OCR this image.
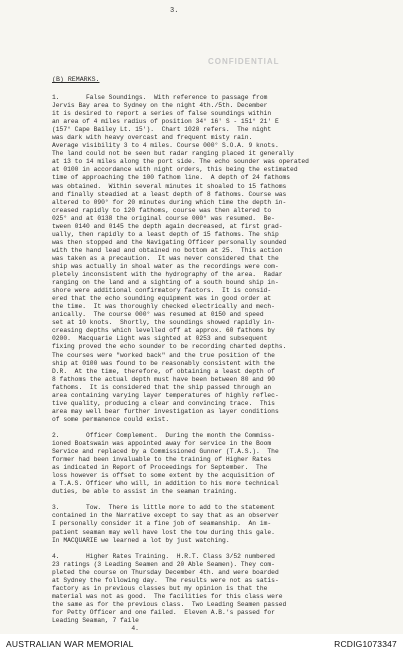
3.
CONFIDENTIAL
(B) REMARKS.
1.       False Soundings.  With reference to passage from
Jervis Bay area to Sydney on the night 4th./5th. December
it is desired to report a series of false soundings within
an area of 4 miles radius of position 34° 16' S - 151° 21' E
(157° Cape Bailey Lt. 15').  Chart 1020 refers.  The night
was dark with heavy overcast and frequent misty rain.
Average visibility 3 to 4 miles. Course 000° S.O.A. 9 knots.
The land could not be seen but radar ranging placed it generally
at 13 to 14 miles along the port side. The echo sounder was operated
at 0100 in accordance with night orders, this being the estimated
time of approaching the 100 fathom line.  A depth of 24 fathoms
was obtained.  Within several minutes it shoaled to 15 fathoms
and finally steadied at a least depth of 8 fathoms. Course was
altered to 090° for 20 minutes during which time the depth in-
creased rapidly to 120 fathoms, course was then altered to
025° and at 0138 the original course 000° was resumed.  Be-
tween 0140 and 0145 the depth again decreased, at first grad-
ually, then rapidly to a least depth of 15 fathoms. The ship
was then stopped and the Navigating Officer personally sounded
with the hand lead and obtained no bottom at 25.  This action
was taken as a precaution.  It was never considered that the
ship was actually in shoal water as the recordings were com-
pletely inconsistent with the hydrography of the area.  Radar
ranging on the land and a sighting of a south bound ship in-
shore were additional confirmatory factors.  It is consid-
ered that the echo sounding equipment was in good order at
the time.  It was thoroughly checked electrically and mech-
anically.  The course 000° was resumed at 0150 and speed
set at 10 knots.  Shortly, the soundings showed rapidly in-
creasing depths which levelled off at approx. 60 fathoms by
0200.  Macquarie Light was sighted at 0253 and subsequent
fixing proved the echo sounder to be recording charted depths.
The courses were "worked back" and the true position of the
ship at 0100 was found to be reasonably consistent with the
D.R.  At the time, therefore, of obtaining a least depth of
8 fathoms the actual depth must have been between 80 and 90
fathoms.  It is considered that the ship passed through an
area containing varying layer temperatures of highly reflec-
tive quality, producing a clear and convincing trace.  This
area may well bear further investigation as layer conditions
of some permanence could exist.

2.       Officer Complement.  During the month the Commiss-
ioned Boatswain was appointed away for service in the Boom
Service and replaced by a Commissioned Gunner (T.A.S.).  The
former had been invaluable to the training of Higher Rates
as indicated in Report of Proceedings for September.  The
loss however is offset to some extent by the acquisition of
a T.A.S. Officer who will, in addition to his more technical
duties, be able to assist in the seaman training.

3.       Tow.  There is little more to add to the statement
contained in the Narrative except to say that as an observer
I personally consider it a fine job of seamanship.  An im-
patient seaman may well have lost the tow during this gale.
In MACQUARIE we learned a lot by just watching.

4.       Higher Rates Training.  H.R.T. Class 3/52 numbered
23 ratings (3 Leading Seamen and 20 Able Seamen). They com-
pleted the course on Thursday December 4th. and were boarded
at Sydney the following day.  The results were not as satis-
factory as in previous classes but my opinion is that the
material was not as good.  The facilities for this class were
the same as for the previous class.  Two Leading Seamen passed
for Petty Officer and one failed.  Eleven A.B.'s passed for
Leading Seaman, 7 faile
4.
AUSTRALIAN WAR MEMORIAL	RCDIG1073347
